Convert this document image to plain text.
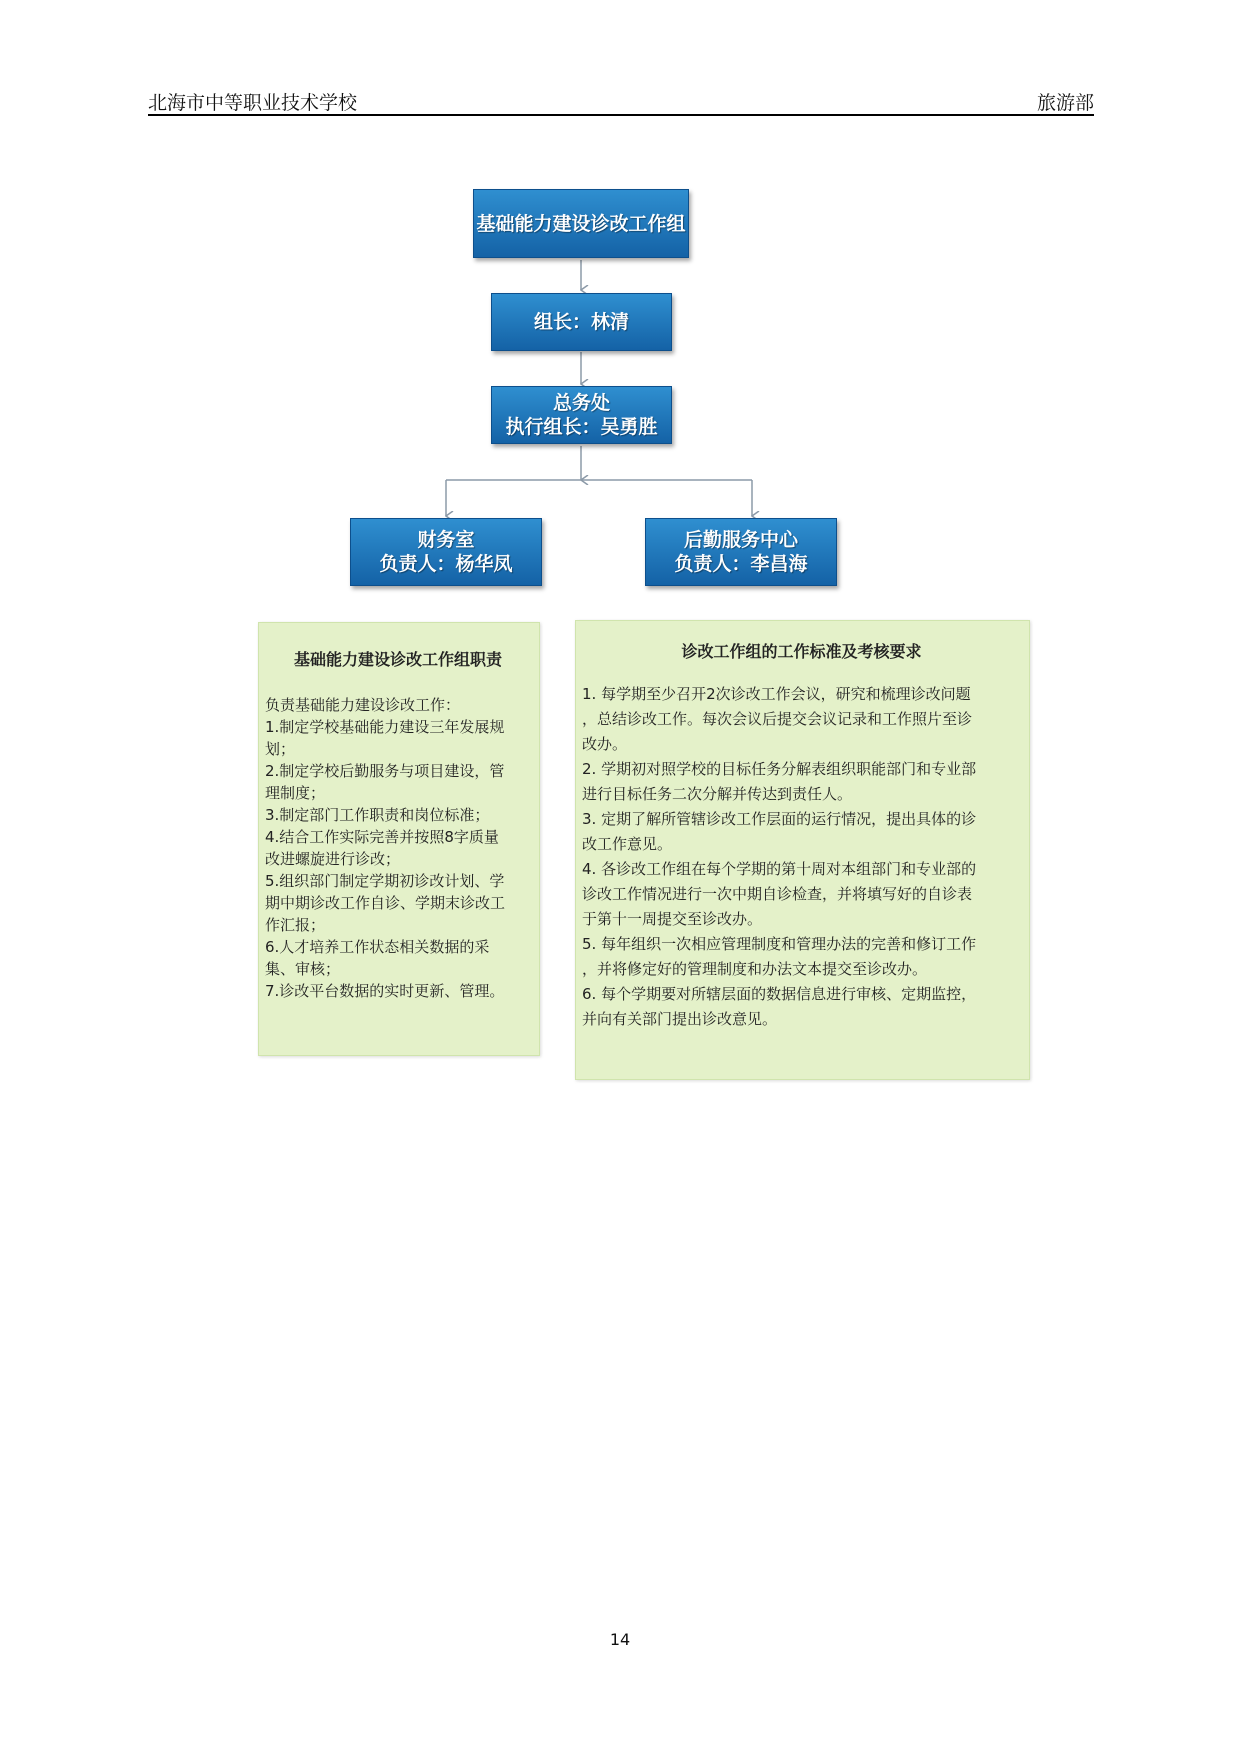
北海市中等职业技术学校	旅游部
基础能力建设诊改工作组
组长：林清
总务处
执行组长：吴勇胜
财务室
负责人：杨华凤
后勤服务中心
负责人：李昌海
基础能力建设诊改工作组职责
负责基础能力建设诊改工作：
1.制定学校基础能力建设三年发展规
划；
2.制定学校后勤服务与项目建设，管
理制度；
3.制定部门工作职责和岗位标准；
4.结合工作实际完善并按照8字质量
改进螺旋进行诊改；
5.组织部门制定学期初诊改计划、学
期中期诊改工作自诊、学期末诊改工
作汇报；
6.人才培养工作状态相关数据的采
集、审核；
7.诊改平台数据的实时更新、管理。
诊改工作组的工作标准及考核要求
1. 每学期至少召开2次诊改工作会议，研究和梳理诊改问题
，总结诊改工作。每次会议后提交会议记录和工作照片至诊
改办。
2. 学期初对照学校的目标任务分解表组织职能部门和专业部
进行目标任务二次分解并传达到责任人。
3. 定期了解所管辖诊改工作层面的运行情况，提出具体的诊
改工作意见。
4. 各诊改工作组在每个学期的第十周对本组部门和专业部的
诊改工作情况进行一次中期自诊检查，并将填写好的自诊表
于第十一周提交至诊改办。
5. 每年组织一次相应管理制度和管理办法的完善和修订工作
，并将修定好的管理制度和办法文本提交至诊改办。
6. 每个学期要对所辖层面的数据信息进行审核、定期监控，
并向有关部门提出诊改意见。
14
